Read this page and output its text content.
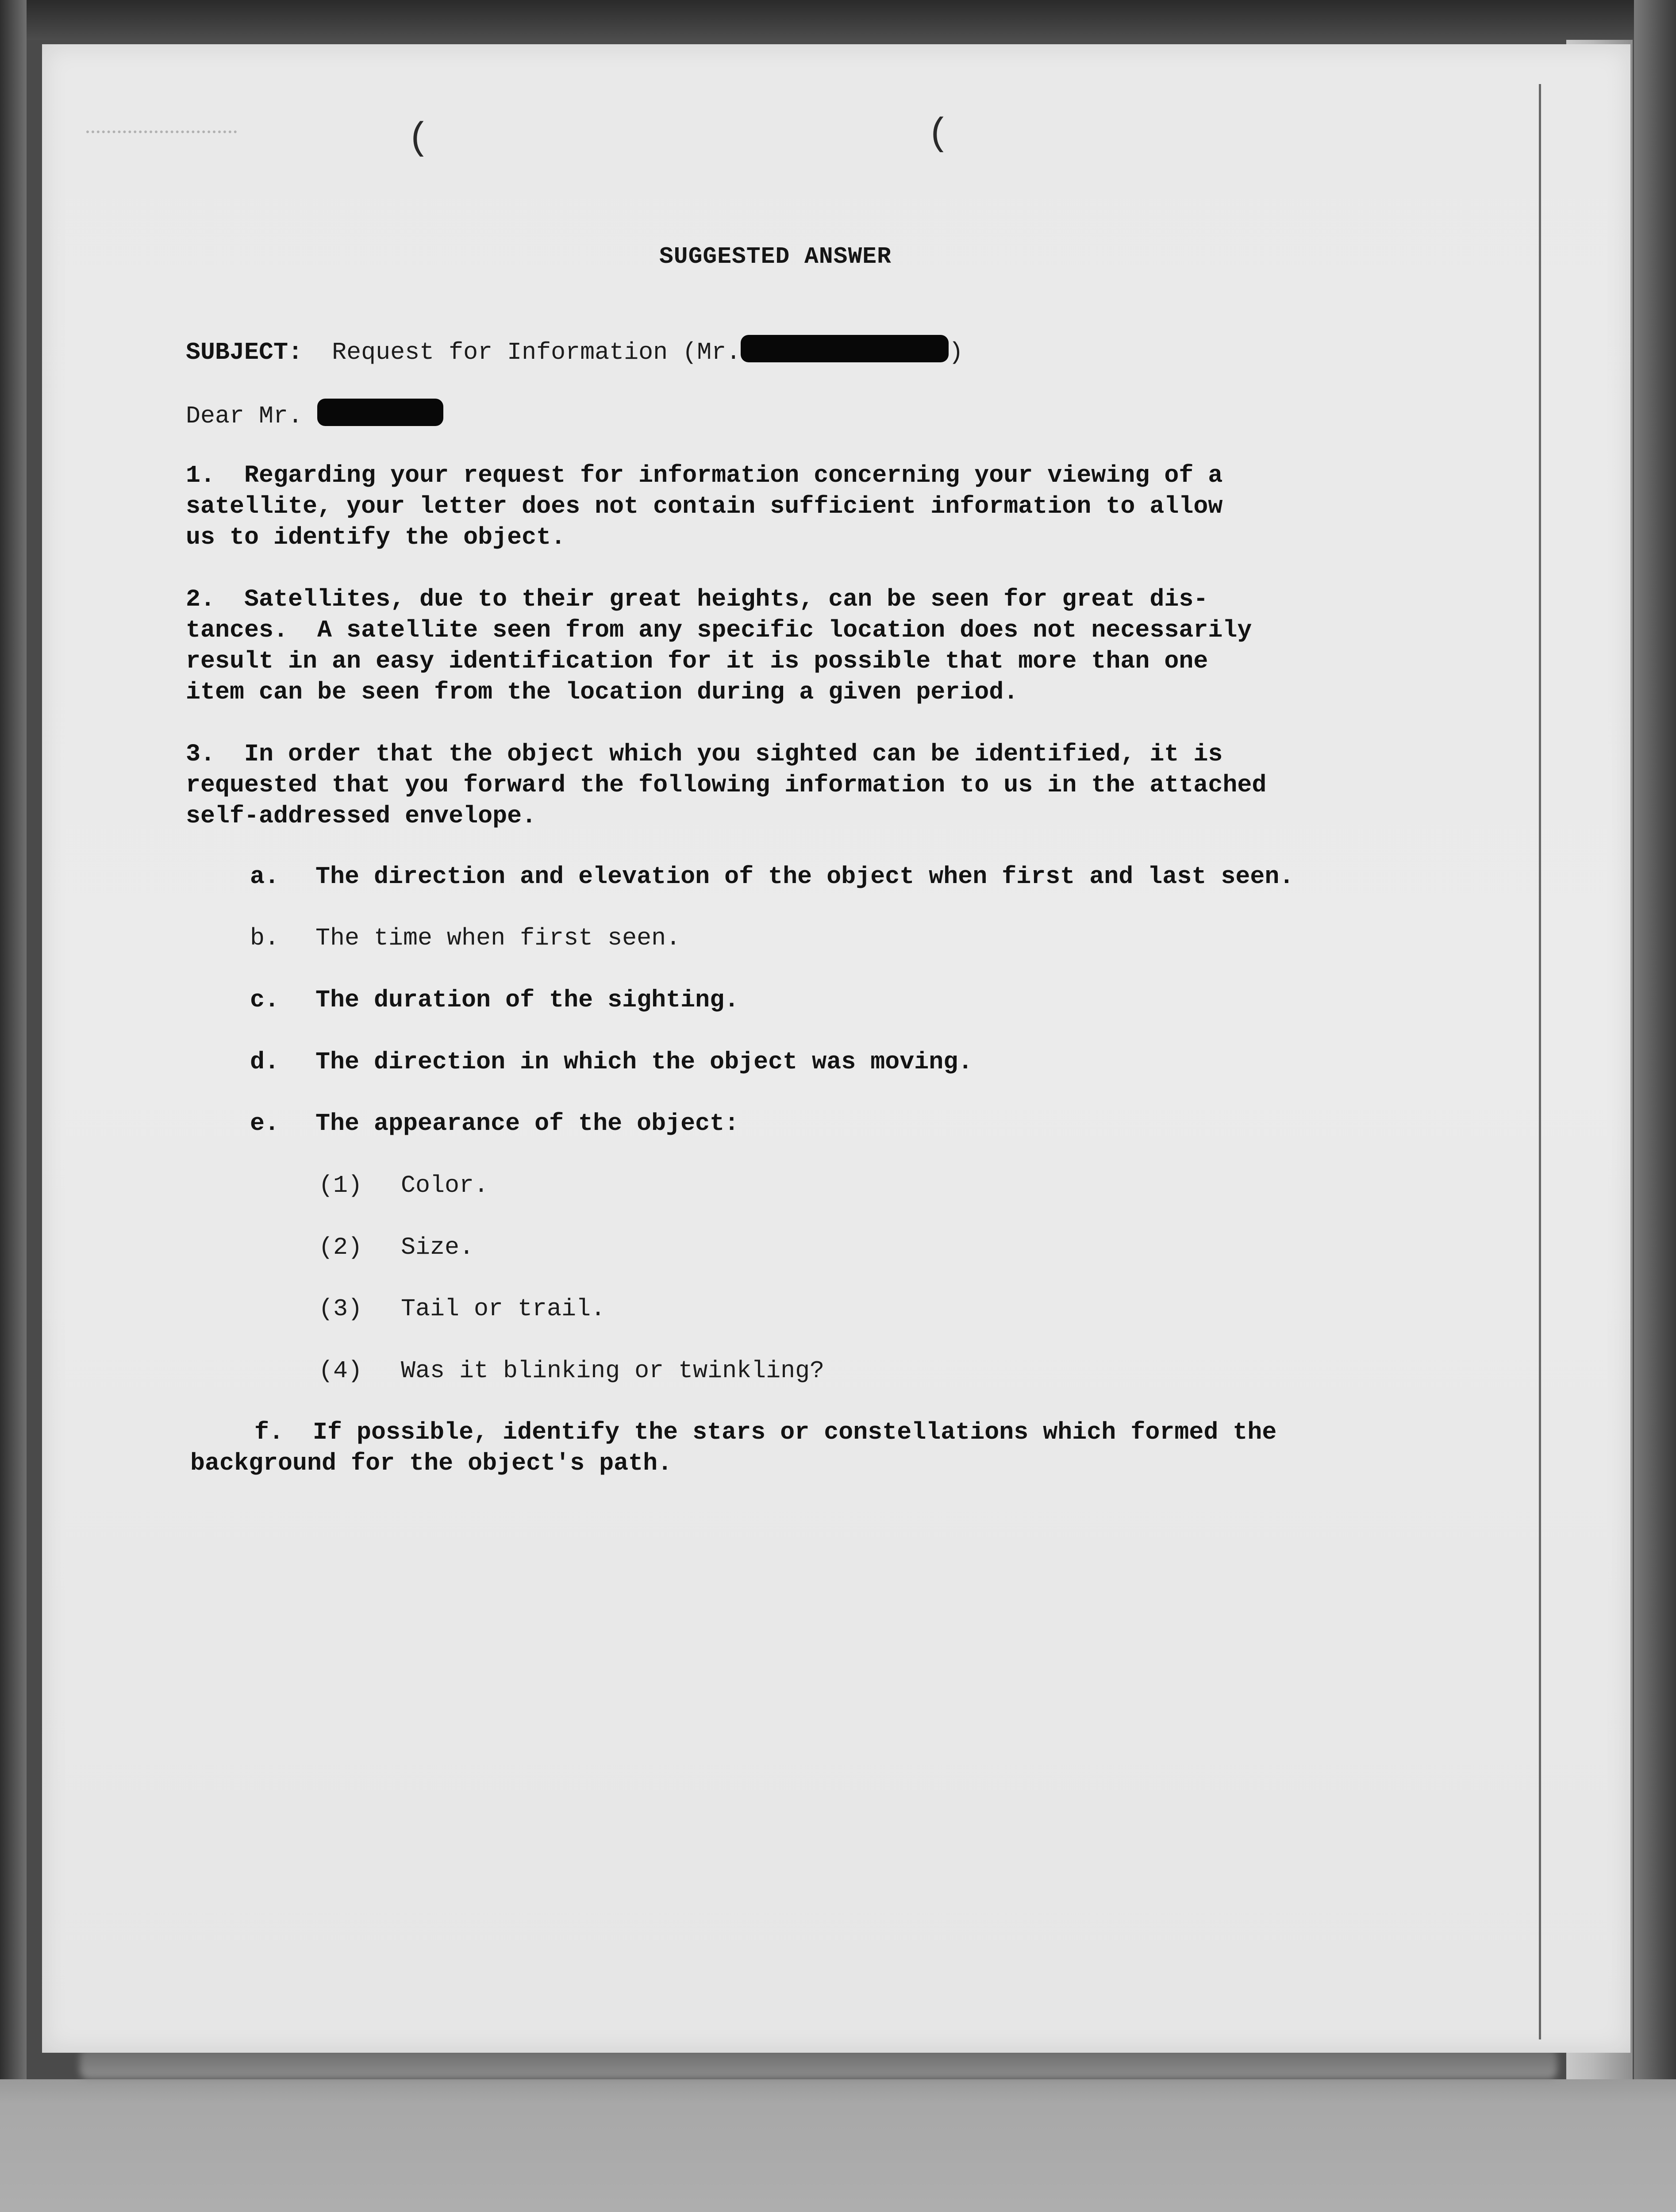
(	(
SUGGESTED ANSWER
SUBJECT: Request for Information (Mr.	)
Dear Mr.
1.  Regarding your request for information concerning your viewing of a
satellite, your letter does not contain sufficient information to allow
us to identify the object.
2.  Satellites, due to their great heights, can be seen for great dis-
tances.  A satellite seen from any specific location does not necessarily
result in an easy identification for it is possible that more than one
item can be seen from the location during a given period.
3.  In order that the object which you sighted can be identified, it is
requested that you forward the following information to us in the attached
self-addressed envelope.
a. The direction and elevation of the object when first and last seen.
b. The time when first seen.
c. The duration of the sighting.
d. The direction in which the object was moving.
e. The appearance of the object:
(1) Color.
(2) Size.
(3) Tail or trail.
(4) Was it blinking or twinkling?
f.  If possible, identify the stars or constellations which formed the
background for the object's path.
